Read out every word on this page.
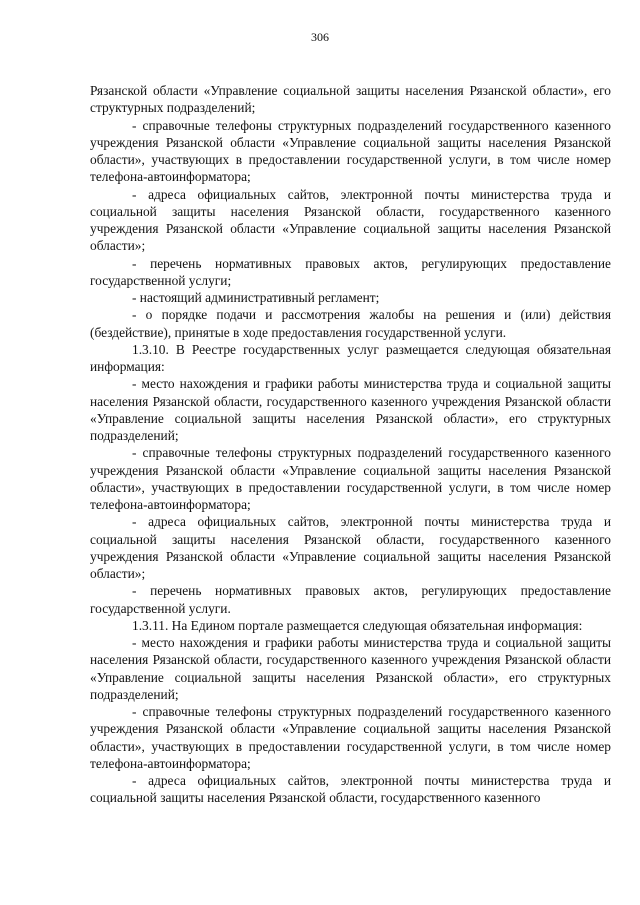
306

Рязанской области «Управление социальной защиты населения Рязанской области», его структурных подразделений;

- справочные телефоны структурных подразделений государственного казенного учреждения Рязанской области «Управление социальной защиты населения Рязанской области», участвующих в предоставлении государственной услуги, в том числе номер телефона-автоинформатора;

- адреса официальных сайтов, электронной почты министерства труда и социальной защиты населения Рязанской области, государственного казенного учреждения Рязанской области «Управление социальной защиты населения Рязанской области»;

- перечень нормативных правовых актов, регулирующих предоставление государственной услуги;

- настоящий административный регламент;

- о порядке подачи и рассмотрения жалобы на решения и (или) действия (бездействие), принятые в ходе предоставления государственной услуги.

1.3.10. В Реестре государственных услуг размещается следующая обязательная информация:

- место нахождения и графики работы министерства труда и социальной защиты населения Рязанской области, государственного казенного учреждения Рязанской области «Управление социальной защиты населения Рязанской области», его структурных подразделений;

- справочные телефоны структурных подразделений государственного казенного учреждения Рязанской области «Управление социальной защиты населения Рязанской области», участвующих в предоставлении государственной услуги, в том числе номер телефона-автоинформатора;

- адреса официальных сайтов, электронной почты министерства труда и социальной защиты населения Рязанской области, государственного казенного учреждения Рязанской области «Управление социальной защиты населения Рязанской области»;

- перечень нормативных правовых актов, регулирующих предоставление государственной услуги.

1.3.11. На Едином портале размещается следующая обязательная информация:

- место нахождения и графики работы министерства труда и социальной защиты населения Рязанской области, государственного казенного учреждения Рязанской области «Управление социальной защиты населения Рязанской области», его структурных подразделений;

- справочные телефоны структурных подразделений государственного казенного учреждения Рязанской области «Управление социальной защиты населения Рязанской области», участвующих в предоставлении государственной услуги, в том числе номер телефона-автоинформатора;

- адреса официальных сайтов, электронной почты министерства труда и социальной защиты населения Рязанской области, государственного казенного
